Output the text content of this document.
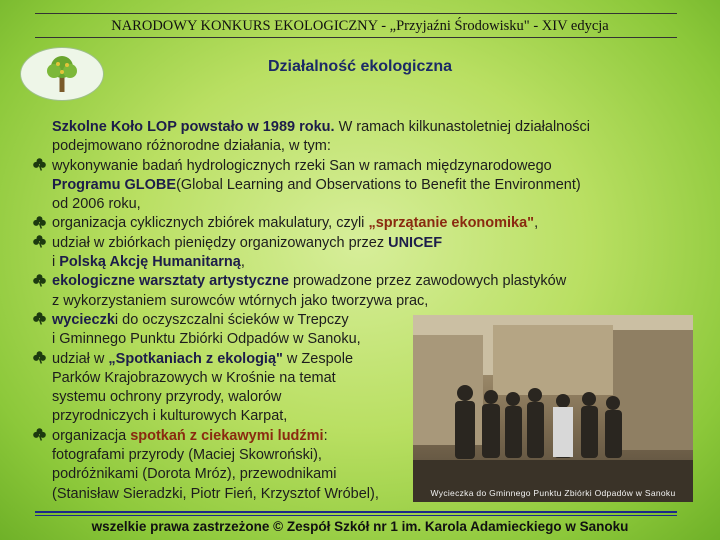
NARODOWY KONKURS EKOLOGICZNY - „Przyjaźni Środowisku" - XIV edycja
Działalność ekologiczna
Szkolne Koło LOP powstało w 1989 roku. W ramach kilkunastoletniej działalności
podejmowano różnorodne działania, w tym:
wykonywanie badań hydrologicznych rzeki San w ramach międzynarodowego
Programu GLOBE(Global Learning and Observations to Benefit the Environment)
od 2006 roku,
organizacja cyklicznych zbiórek makulatury, czyli „sprzątanie ekonomika",
udział w zbiórkach pieniędzy organizowanych przez UNICEF
i Polską Akcję Humanitarną,
ekologiczne warsztaty artystyczne prowadzone przez zawodowych plastyków
z wykorzystaniem surowców wtórnych jako tworzywa prac,
wycieczki do oczyszczalni ścieków w Trepczy
i Gminnego Punktu Zbiórki Odpadów w Sanoku,
udział w „Spotkaniach z ekologią" w Zespole
Parków Krajobrazowych w Krośnie na temat
systemu ochrony przyrody, walorów
przyrodniczych i kulturowych Karpat,
organizacja spotkań z ciekawymi ludźmi:
fotografami przyrody (Maciej Skowroński),
podróżnikami (Dorota Mróz), przewodnikami
(Stanisław Sieradzki, Piotr Fień, Krzysztof Wróbel),	Wycieczka do Gminnego Punktu Zbiórki Odpadów w Sanoku
wszelkie prawa zastrzeżone © Zespół Szkół nr 1 im. Karola Adamieckiego w Sanoku
